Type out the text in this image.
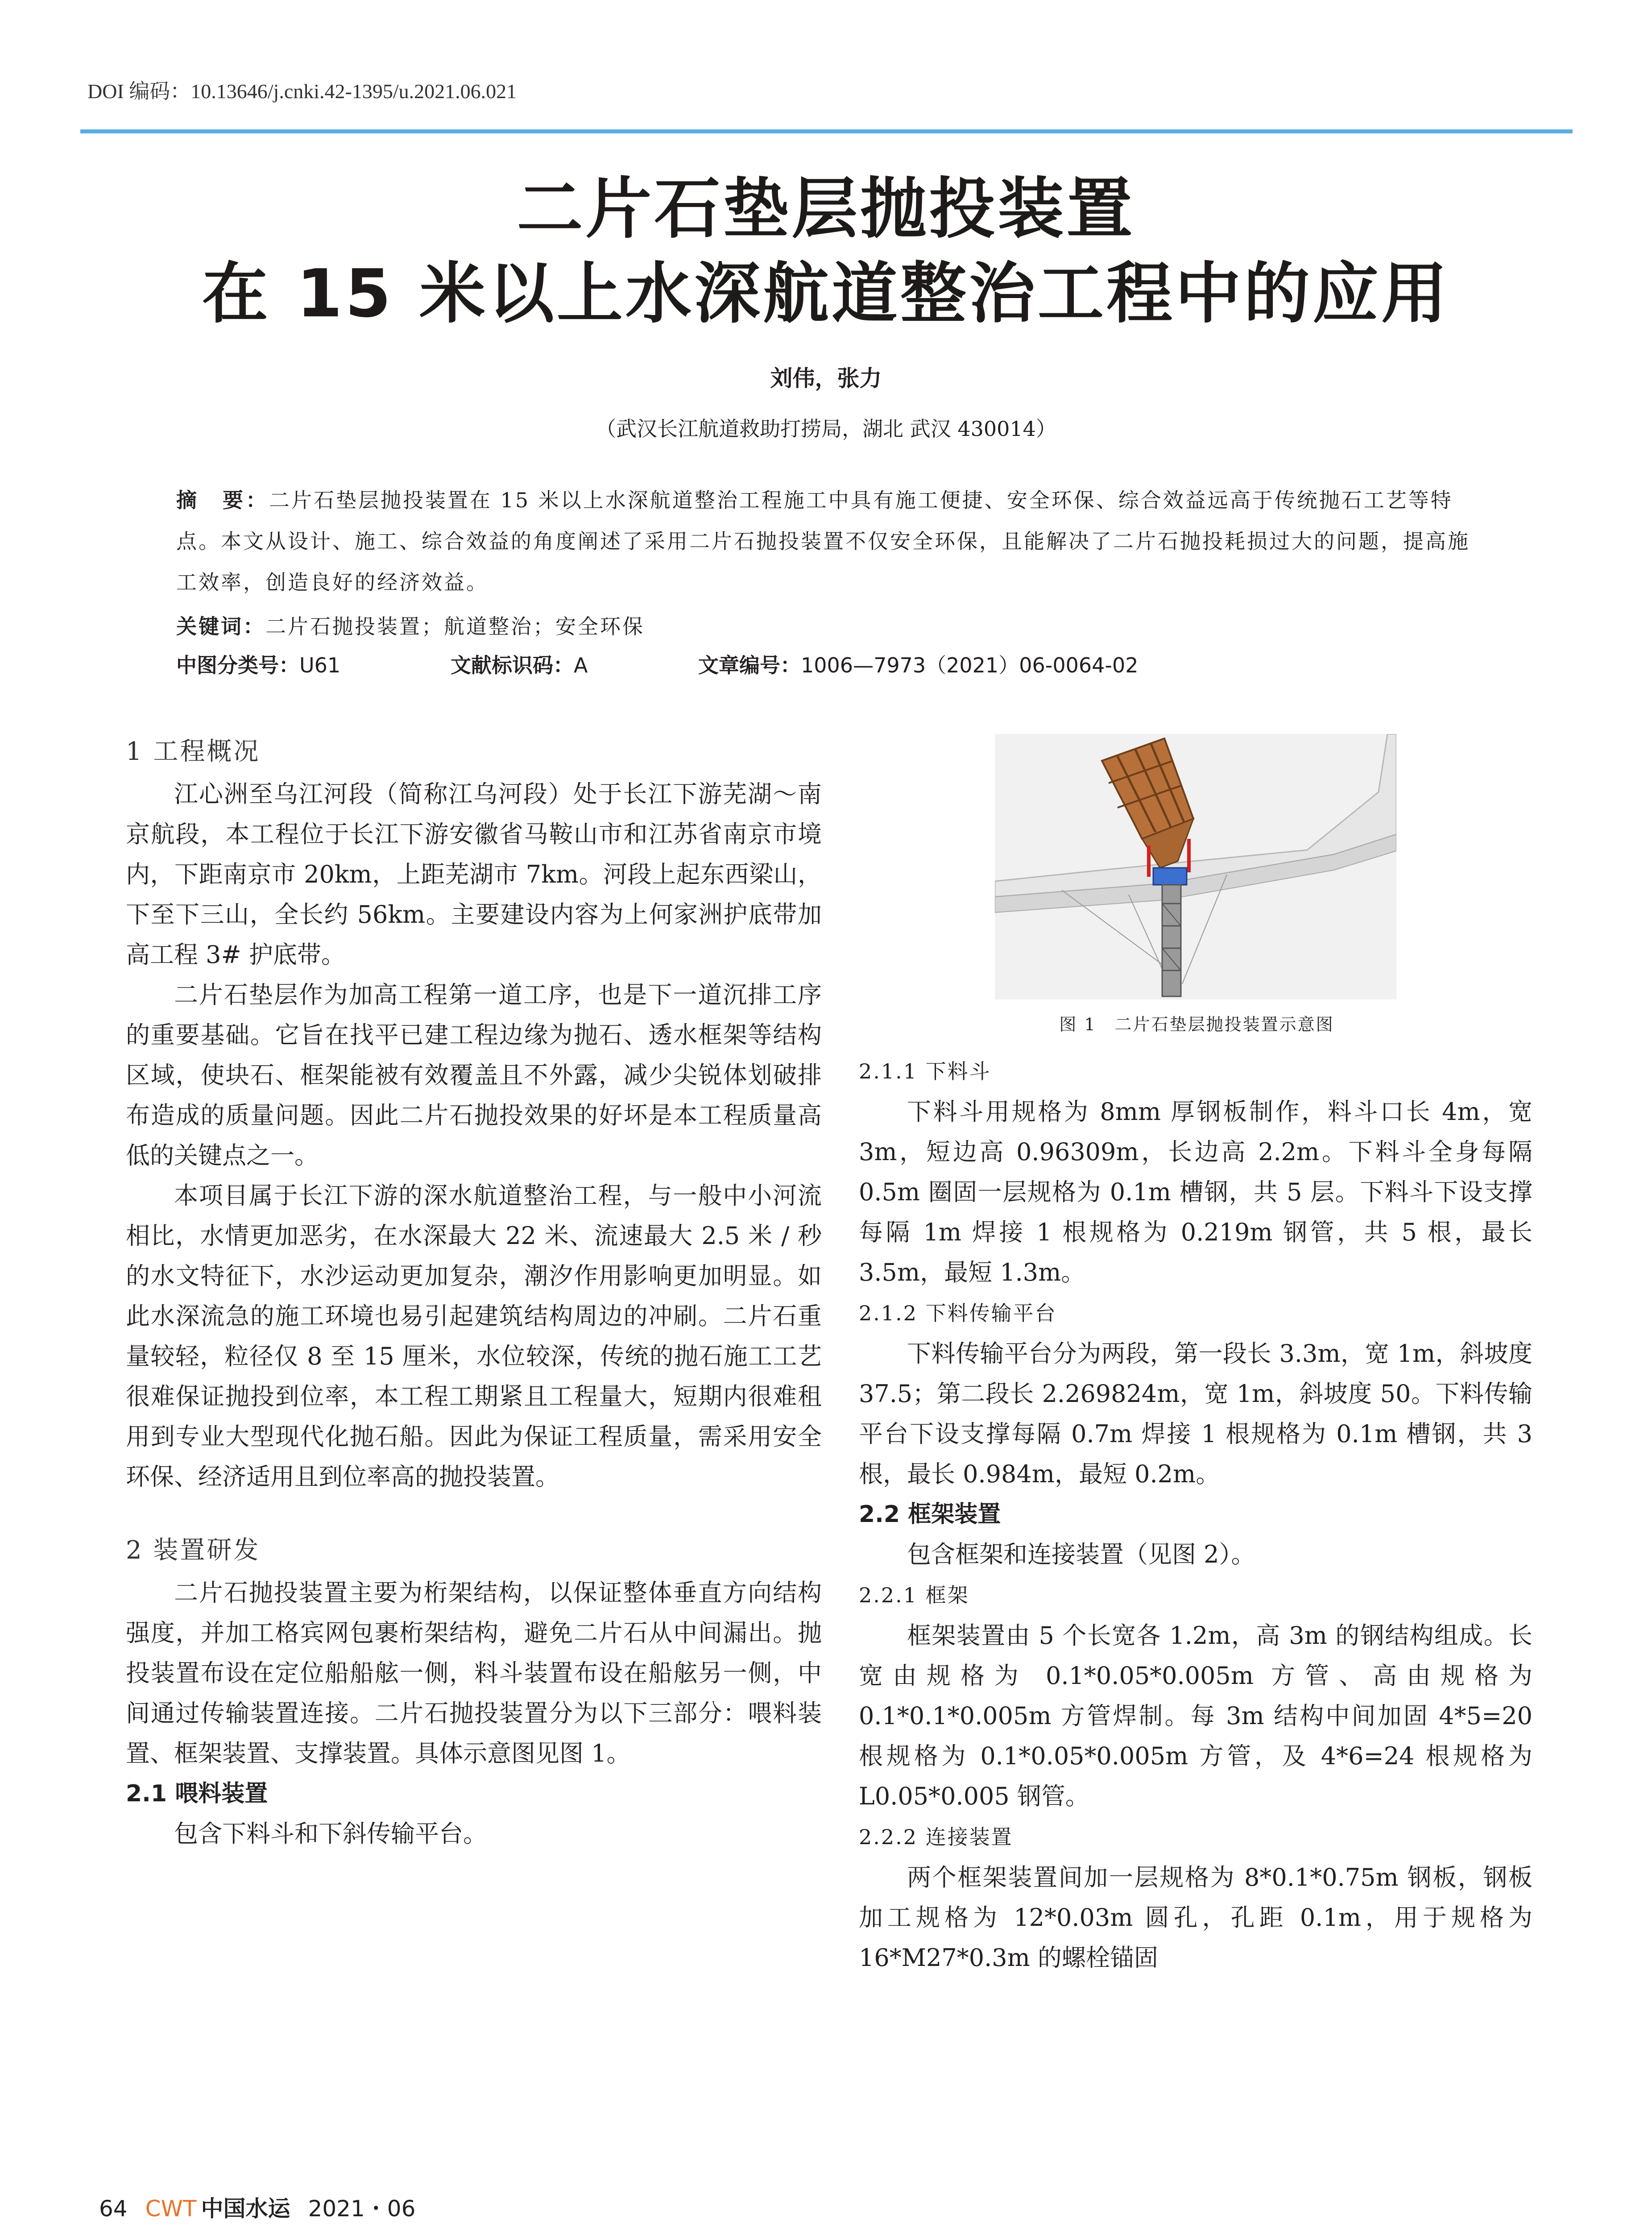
DOI 编码：10.13646/j.cnki.42-1395/u.2021.06.021
二片石垫层抛投装置
在 15 米以上水深航道整治工程中的应用
刘伟，张力
（武汉长江航道救助打捞局，湖北 武汉 430014）
摘　要：二片石垫层抛投装置在 15 米以上水深航道整治工程施工中具有施工便捷、安全环保、综合效益远高于传统抛石工艺等特点。本文从设计、施工、综合效益的角度阐述了采用二片石抛投装置不仅安全环保，且能解决了二片石抛投耗损过大的问题，提高施工效率，创造良好的经济效益。
关键词：二片石抛投装置；航道整治；安全环保
中图分类号：U61	文献标识码：A	文章编号：1006—7973（2021）06-0064-02
1 工程概况

江心洲至乌江河段（简称江乌河段）处于长江下游芜湖～南京航段，本工程位于长江下游安徽省马鞍山市和江苏省南京市境内，下距南京市 20km，上距芜湖市 7km。河段上起东西梁山，下至下三山，全长约 56km。主要建设内容为上何家洲护底带加高工程 3# 护底带。

二片石垫层作为加高工程第一道工序，也是下一道沉排工序的重要基础。它旨在找平已建工程边缘为抛石、透水框架等结构区域，使块石、框架能被有效覆盖且不外露，减少尖锐体划破排布造成的质量问题。因此二片石抛投效果的好坏是本工程质量高低的关键点之一。

本项目属于长江下游的深水航道整治工程，与一般中小河流相比，水情更加恶劣，在水深最大 22 米、流速最大 2.5 米 / 秒的水文特征下，水沙运动更加复杂，潮汐作用影响更加明显。如此水深流急的施工环境也易引起建筑结构周边的冲刷。二片石重量较轻，粒径仅 8 至 15 厘米，水位较深，传统的抛石施工工艺很难保证抛投到位率，本工程工期紧且工程量大，短期内很难租用到专业大型现代化抛石船。因此为保证工程质量，需采用安全环保、经济适用且到位率高的抛投装置。

2 装置研发

二片石抛投装置主要为桁架结构，以保证整体垂直方向结构强度，并加工格宾网包裹桁架结构，避免二片石从中间漏出。抛投装置布设在定位船船舷一侧，料斗装置布设在船舷另一侧，中间通过传输装置连接。二片石抛投装置分为以下三部分：喂料装置、框架装置、支撑装置。具体示意图见图 1。

2.1 喂料装置

包含下料斗和下斜传输平台。

图 1　二片石垫层抛投装置示意图
2.1.1 下料斗

下料斗用规格为 8mm 厚钢板制作，料斗口长 4m，宽 3m，短边高 0.96309m，长边高 2.2m。下料斗全身每隔 0.5m 圈固一层规格为 0.1m 槽钢，共 5 层。下料斗下设支撑每隔 1m 焊接 1 根规格为 0.219m 钢管，共 5 根，最长 3.5m，最短 1.3m。

2.1.2 下料传输平台

下料传输平台分为两段，第一段长 3.3m，宽 1m，斜坡度 37.5；第二段长 2.269824m，宽 1m，斜坡度 50。下料传输平台下设支撑每隔 0.7m 焊接 1 根规格为 0.1m 槽钢，共 3 根，最长 0.984m，最短 0.2m。

2.2 框架装置

包含框架和连接装置（见图 2）。

2.2.1 框架

框架装置由 5 个长宽各 1.2m，高 3m 的钢结构组成。长宽由规格为 0.1*0.05*0.005m 方管、高由规格为 0.1*0.1*0.005m 方管焊制。每 3m 结构中间加固 4*5=20 根规格为 0.1*0.05*0.005m 方管，及 4*6=24 根规格为 L0.05*0.005 钢管。

2.2.2 连接装置

两个框架装置间加一层规格为 8*0.1*0.75m 钢板，钢板加工规格为 12*0.03m 圆孔，孔距 0.1m，用于规格为 16*M27*0.3m 的螺栓锚固

64 CWT 中国水运 2021・06
